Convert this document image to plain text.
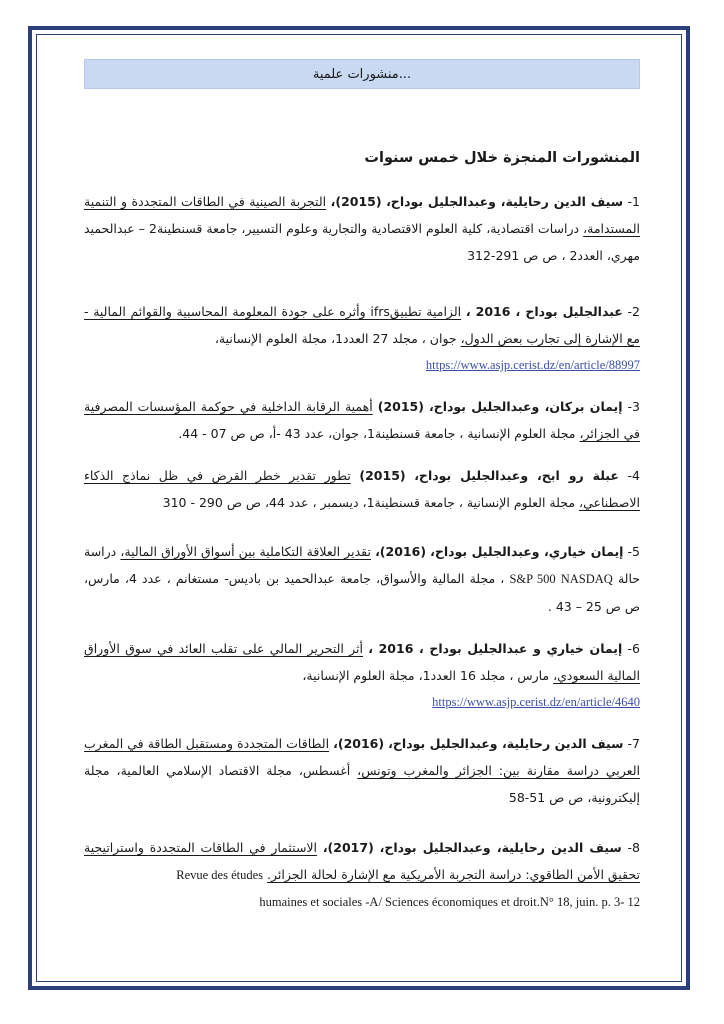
...منشورات علمية
المنشورات المنجزة خلال خمس سنوات
1- سيف الدين رحايلية، وعبدالجليل بوداح، (2015)، التجربة الصينية في الطاقات المتجددة و التنمية المستدامة، دراسات اقتصادية، كلية العلوم الاقتصادية والتجارية وعلوم التسيير، جامعة قسنطينة2 – عبدالحميد مهري، العدد2 ، ص ص 291-312
2- عبدالجليل بوداح ، 2016 ، الزامية تطبيقifrs وأثره على جودة المعلومة المحاسبية والقوائم المالية - مع الإشارة إلى تجارب بعض الدول، جوان ، مجلد 27 العدد1، مجلة العلوم الإنسانية،
https://www.asjp.cerist.dz/en/article/88997
3- إيمان بركان، وعبدالجليل بوداح، (2015) أهمية الرقابة الداخلية في حوكمة المؤسسات المصرفية في الجزائر، مجلة العلوم الإنسانية ، جامعة قسنطينة1، جوان، عدد 43 -أ، ص ص 07 - 44.
4- عبلة رو ابح، وعبدالجليل بوداح، (2015) تطور تقدير خطر القرض في ظل نماذج الذكاء الاصطناعي، مجلة العلوم الإنسانية ، جامعة قسنطينة1، ديسمبر ، عدد 44، ص ص 290 - 310
5- إيمان خياري، وعبدالجليل بوداح، (2016)، تقدير العلاقة التكاملية بين أسواق الأوراق المالية، دراسة حالة S&P 500 NASDAQ ، مجلة المالية والأسواق، جامعة عبدالحميد بن باديس- مستغانم ، عدد 4، مارس، ص ص 25 – 43 .
6- إيمان خياري و عبدالجليل بوداح ، 2016 ، أثر التحرير المالي على تقلب العائد في سوق الأوراق المالية السعودي، مارس ، مجلد 16 العدد1، مجلة العلوم الإنسانية،
https://www.asjp.cerist.dz/en/article/4640
7- سيف الدين رحايلية، وعبدالجليل بوداح، (2016)، الطاقات المتجددة ومستقبل الطاقة في المغرب العربي دراسة مقارنة بين: الجزائر والمغرب وتونس، أغسطس، مجلة الاقتصاد الإسلامي العالمية، مجلة إليكترونية، ص ص 51-58
8- سيف الدين رحايلية، وعبدالجليل بوداح، (2017)، الاستثمار في الطاقات المتجددة واستراتيجية تحقيق الأمن الطاقوي: دراسة التجربة الأمريكية مع الإشارة لحالة الجزائر. Revue des études
humaines et sociales -A/ Sciences économiques et droit.N° 18, juin. p. 3- 12
